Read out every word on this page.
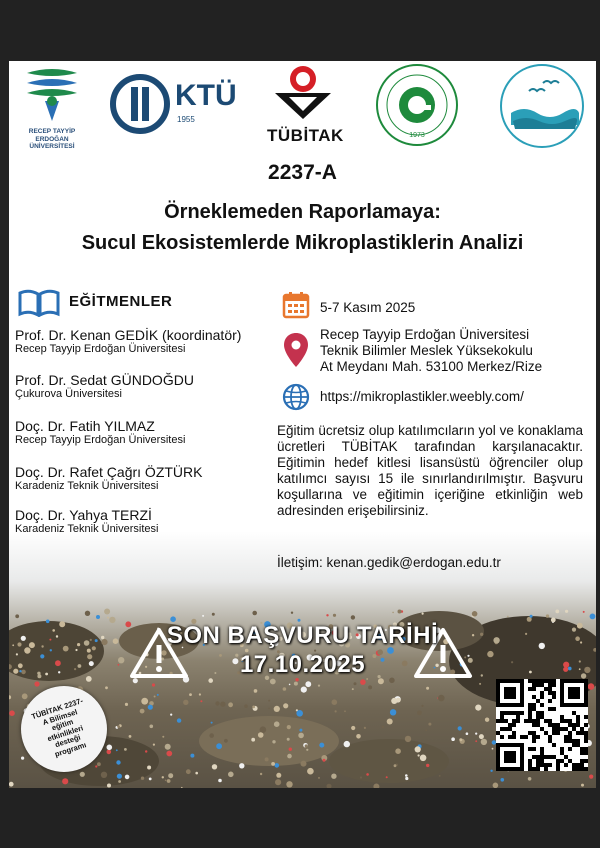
RECEP TAYYİP
ERDOĞAN
ÜNİVERSİTESİ
KTÜ
1955
TÜBİTAK	1973
2237-A
Örneklemeden Raporlamaya:
Sucul Ekosistemlerde Mikroplastiklerin Analizi
EĞİTMENLER
Prof. Dr. Kenan GEDİK (koordinatör)
Recep Tayyip Erdoğan Üniversitesi
Prof. Dr. Sedat GÜNDOĞDU
Çukurova Üniversitesi
Doç. Dr. Fatih YILMAZ
Recep Tayyip Erdoğan Üniversitesi
Doç. Dr. Rafet Çağrı ÖZTÜRK
Karadeniz Teknik Üniversitesi
Doç. Dr. Yahya TERZİ
Karadeniz Teknik Üniversitesi
5-7 Kasım 2025
Recep Tayyip Erdoğan Üniversitesi
Teknik Bilimler Meslek Yüksekokulu
At Meydanı Mah. 53100 Merkez/Rize
https://mikroplastikler.weebly.com/
Eğitim ücretsiz olup katılımcıların yol ve konaklama ücretleri TÜBİTAK tarafından karşılanacaktır. Eğitimin hedef kitlesi lisansüstü öğrenciler olup katılımcı sayısı 15 ile sınırlandırılmıştır. Başvuru koşullarına ve eğitimin içeriğine etkinliğin web adresinden erişebilirsiniz.
İletişim: kenan.gedik@erdogan.edu.tr
SON BAŞVURU TARİHİ
17.10.2025
TÜBİTAK 2237-A Bilimsel eğitim etkinlikleri desteği programı
